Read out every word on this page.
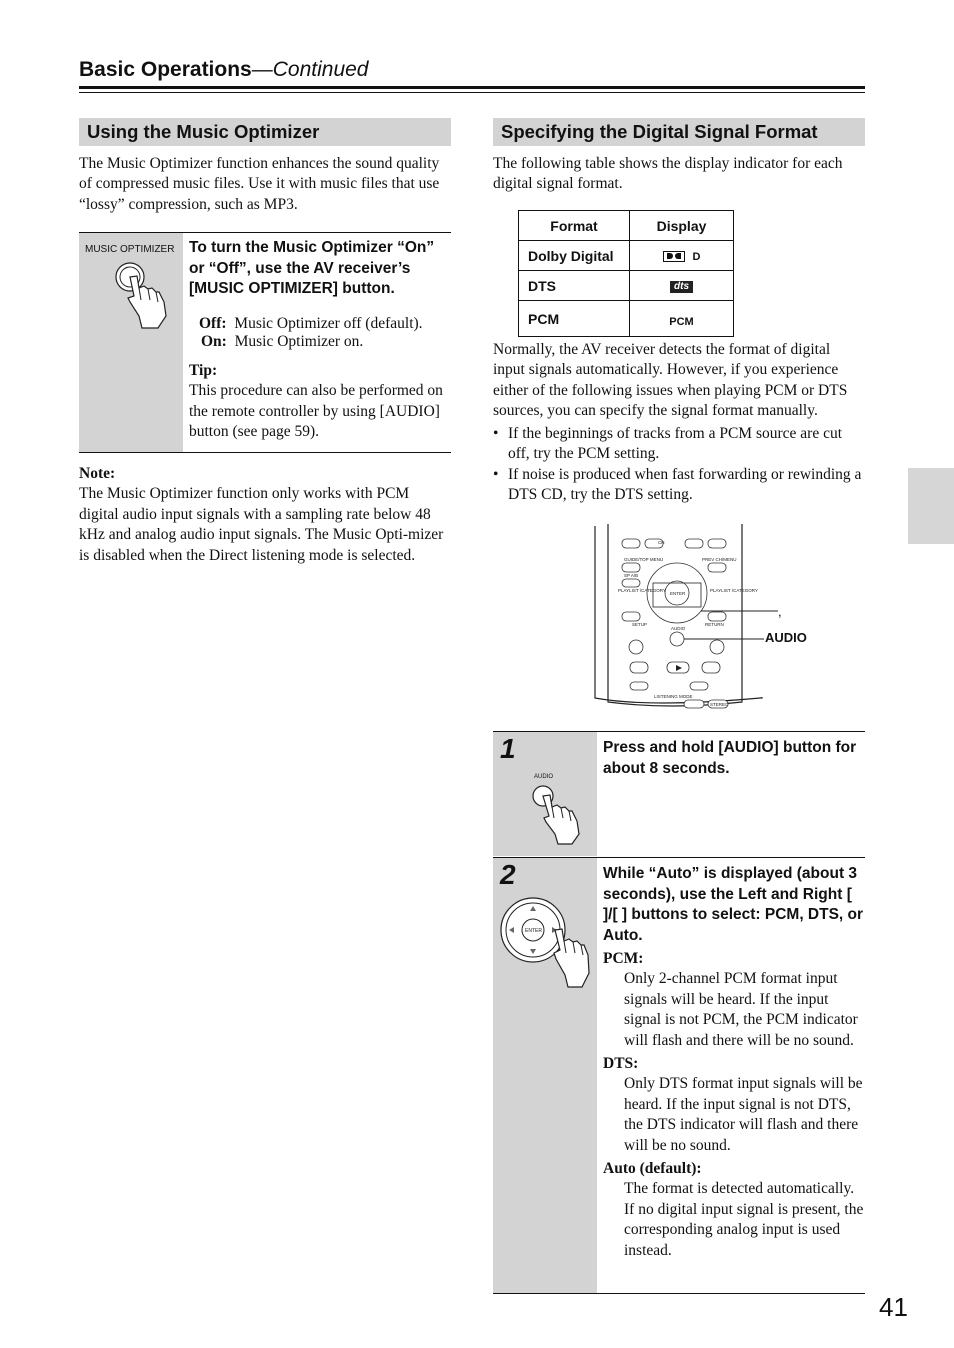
Basic Operations—Continued
Using the Music Optimizer
The Music Optimizer function enhances the sound quality of compressed music files. Use it with music files that use “lossy” compression, such as MP3.
MUSIC OPTIMIZER To turn the Music Optimizer “On” or “Off”, use the AV receiver’s [MUSIC OPTIMIZER] button.
Off: Music Optimizer off (default).
On: Music Optimizer on.
Tip:
This procedure can also be performed on the remote controller by using [AUDIO] button (see page 59).
Note:
The Music Optimizer function only works with PCM digital audio input signals with a sampling rate below 48 kHz and analog audio input signals. The Music Opti-mizer is disabled when the Direct listening mode is selected.
Specifying the Digital Signal Format
The following table shows the display indicator for each digital signal format.
Format	Display
Dolby Digital	D
DTS	dts
PCM	PCM
Normally, the AV receiver detects the format of digital input signals automatically. However, if you experience either of the following issues when playing PCM or DTS sources, you can specify the signal format manually.
• If the beginnings of tracks from a PCM source are cut off, try the PCM setting.
• If noise is produced when fast forwarding or rewinding a DTS CD, try the DTS setting.
GUIDE/TOP MENU	PREV CH/MENU
ENTER
SP A/B
PLAYLIST /CATEGORY	PLAYLIST /CATEGORY
SETUP
AUDIO
RETURN
LISTENING MODE
STEREO
CH
,
AUDIO
1
AUDIO
Press and hold [AUDIO] button for about 8 seconds.
2
ENTER
While “Auto” is displayed (about 3 seconds), use the Left and Right [ ]/[ ] buttons to select: PCM, DTS, or Auto.
PCM:
Only 2-channel PCM format input signals will be heard. If the input signal is not PCM, the PCM indicator will flash and there will be no sound.
DTS:
Only DTS format input signals will be heard. If the input signal is not DTS, the DTS indicator will flash and there will be no sound.
Auto (default):
The format is detected automatically. If no digital input signal is present, the corresponding analog input is used instead.
41
